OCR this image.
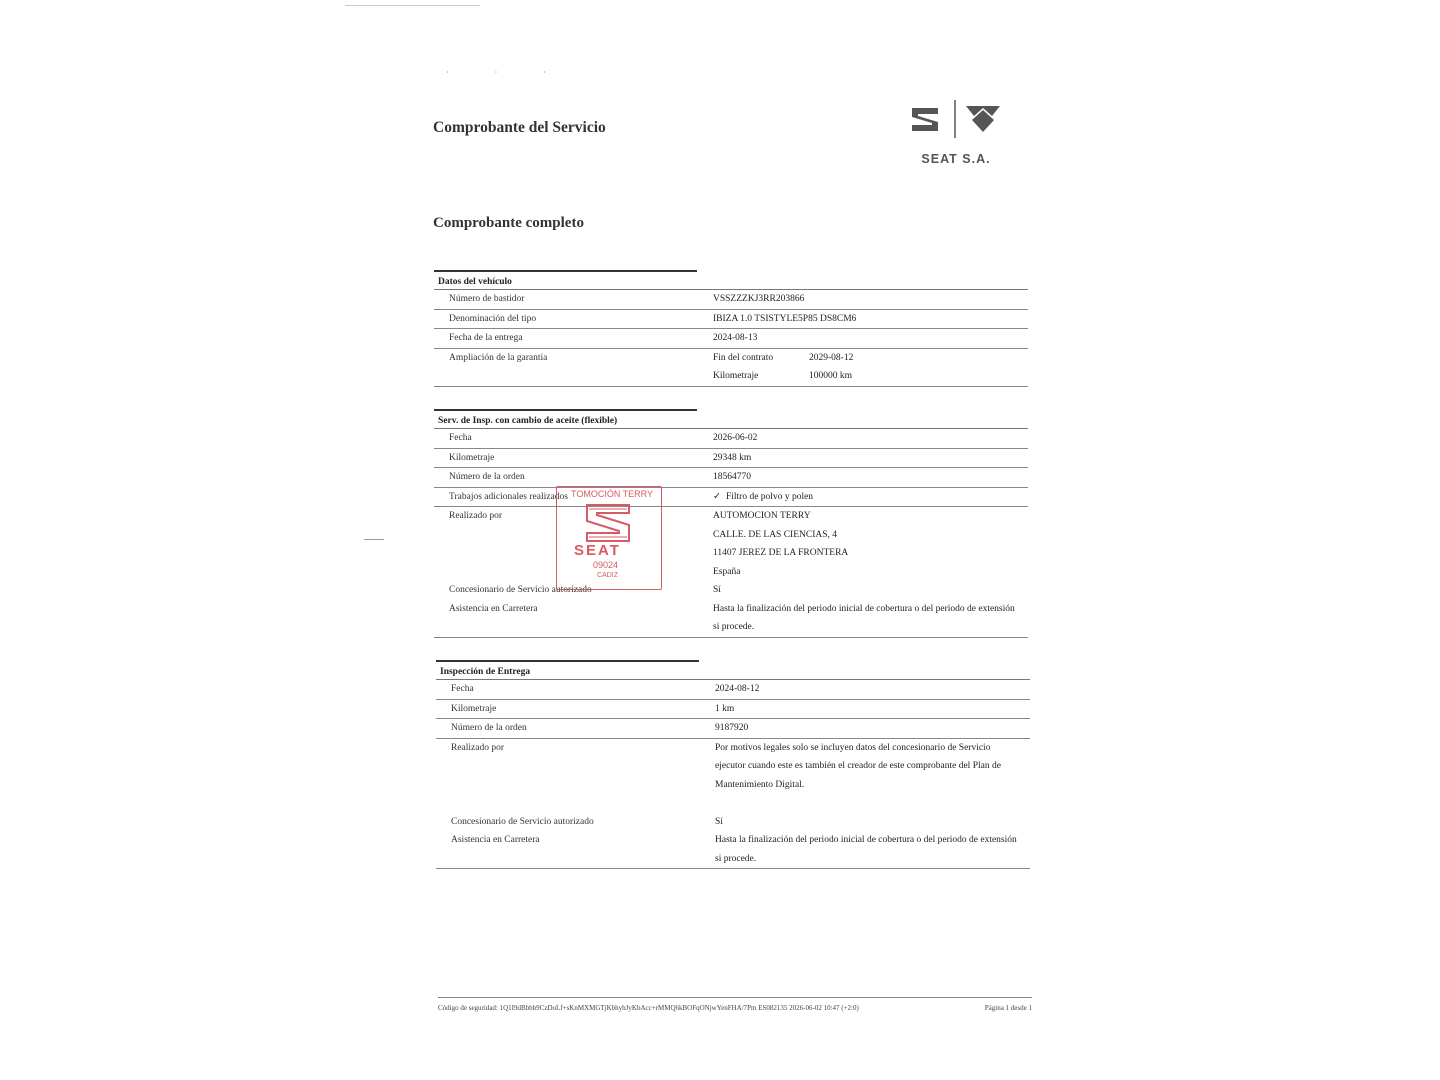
· · ·
Comprobante del Servicio
SEAT S.A.
Comprobante completo
Datos del vehículo
Número de bastidor	VSSZZZKJ3RR203866
Denominación del tipo	IBIZA 1.0 TSISTYLE5P85 DS8CM6
Fecha de la entrega	2024-08-13
Ampliación de la garantía	Fin del contrato	2029-08-12
Kilometraje	100000 km
Serv. de Insp. con cambio de aceite (flexible)
Fecha	2026-06-02
Kilometraje	29348 km
Número de la orden	18564770
Trabajos adicionales realizados	✓ Filtro de polvo y polen
Realizado por	AUTOMOCION TERRY
CALLE. DE LAS CIENCIAS, 4
11407 JEREZ DE LA FRONTERA
España
Concesionario de Servicio autorizado	Sí
Asistencia en Carretera	Hasta la finalización del periodo inicial de cobertura o del periodo de extensión
si procede.
TOMOCIÓN TERRY
SEAT
09024
CADIZ
Inspección de Entrega
Fecha	2024-08-12
Kilometraje	1 km
Número de la orden	9187920
Realizado por	Por motivos legales solo se incluyen datos del concesionario de Servicio
ejecutor cuando este es también el creador de este comprobante del Plan de
Mantenimiento Digital.
Concesionario de Servicio autorizado	Sí
Asistencia en Carretera	Hasta la finalización del periodo inicial de cobertura o del periodo de extensión
si procede.
Código de seguridad: 1Q1I9dBbbb9CzDoLf+sKnMXMGTjKbhyhJyKbAcc+rMMQ6kBOFqONjwYenFHA/7Pm ES082135 2026-06-02 10:47 (+2:0)	Página 1 desde 1
